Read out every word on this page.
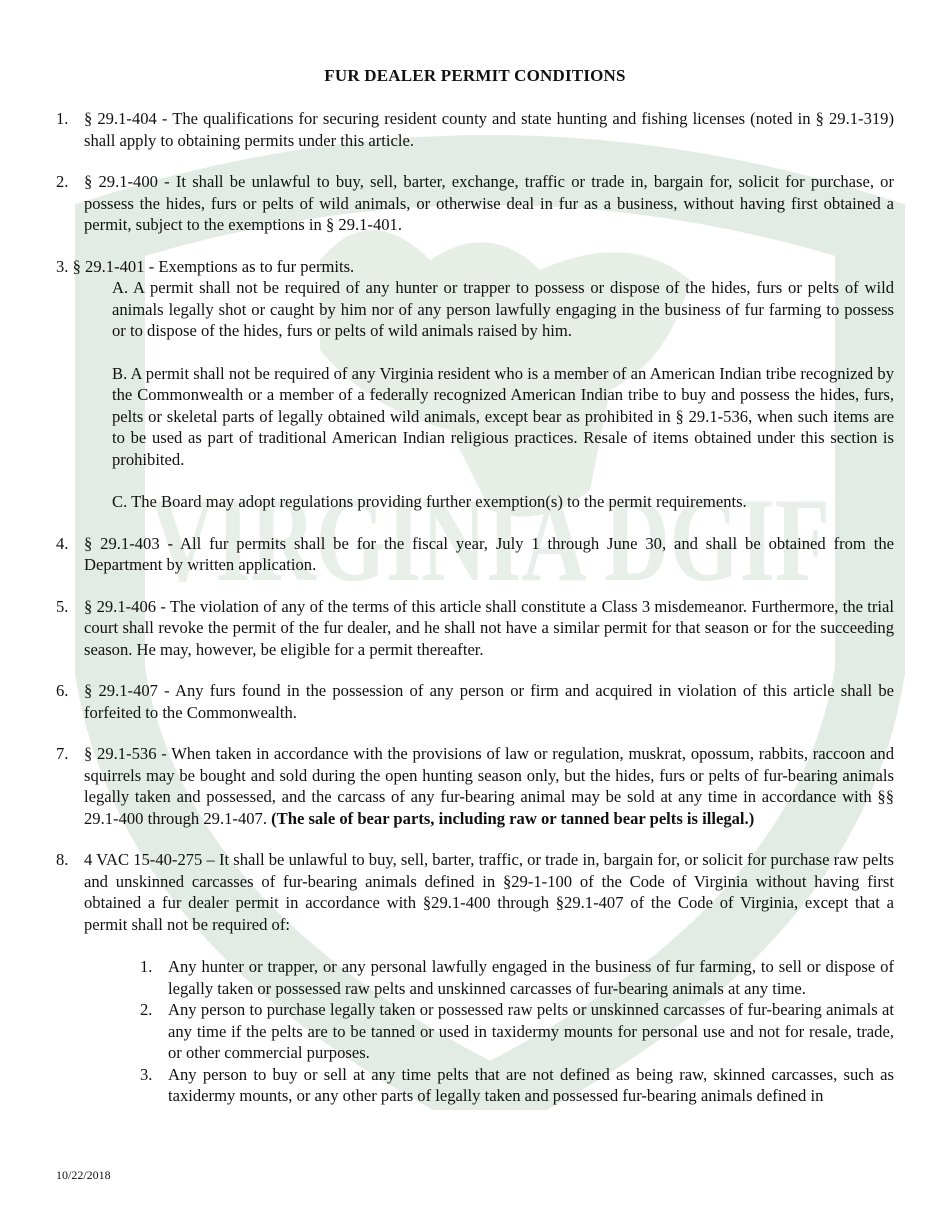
VIRGINIA DGIF
FUR DEALER PERMIT CONDITIONS
1. § 29.1-404 - The qualifications for securing resident county and state hunting and fishing licenses (noted in § 29.1-319) shall apply to obtaining permits under this article.
2. § 29.1-400 - It shall be unlawful to buy, sell, barter, exchange, traffic or trade in, bargain for, solicit for purchase, or possess the hides, furs or pelts of wild animals, or otherwise deal in fur as a business, without having first obtained a permit, subject to the exemptions in § 29.1-401.
3. § 29.1-401 - Exemptions as to fur permits.
A. A permit shall not be required of any hunter or trapper to possess or dispose of the hides, furs or pelts of wild animals legally shot or caught by him nor of any person lawfully engaging in the business of fur farming to possess or to dispose of the hides, furs or pelts of wild animals raised by him.
B. A permit shall not be required of any Virginia resident who is a member of an American Indian tribe recognized by the Commonwealth or a member of a federally recognized American Indian tribe to buy and possess the hides, furs, pelts or skeletal parts of legally obtained wild animals, except bear as prohibited in § 29.1-536, when such items are to be used as part of traditional American Indian religious practices. Resale of items obtained under this section is prohibited.
C. The Board may adopt regulations providing further exemption(s) to the permit requirements.
4. § 29.1-403 - All fur permits shall be for the fiscal year, July 1 through June 30, and shall be obtained from the Department by written application.
5. § 29.1-406 - The violation of any of the terms of this article shall constitute a Class 3 misdemeanor. Furthermore, the trial court shall revoke the permit of the fur dealer, and he shall not have a similar permit for that season or for the succeeding season. He may, however, be eligible for a permit thereafter.
6. § 29.1-407 - Any furs found in the possession of any person or firm and acquired in violation of this article shall be forfeited to the Commonwealth.
7. § 29.1-536 - When taken in accordance with the provisions of law or regulation, muskrat, opossum, rabbits, raccoon and squirrels may be bought and sold during the open hunting season only, but the hides, furs or pelts of fur-bearing animals legally taken and possessed, and the carcass of any fur-bearing animal may be sold at any time in accordance with §§ 29.1-400 through 29.1-407. (The sale of bear parts, including raw or tanned bear pelts is illegal.)
8. 4 VAC 15-40-275 – It shall be unlawful to buy, sell, barter, traffic, or trade in, bargain for, or solicit for purchase raw pelts and unskinned carcasses of fur-bearing animals defined in §29-1-100 of the Code of Virginia without having first obtained a fur dealer permit in accordance with §29.1-400 through §29.1-407 of the Code of Virginia, except that a permit shall not be required of:
1. Any hunter or trapper, or any personal lawfully engaged in the business of fur farming, to sell or dispose of legally taken or possessed raw pelts and unskinned carcasses of fur-bearing animals at any time.
2. Any person to purchase legally taken or possessed raw pelts or unskinned carcasses of fur-bearing animals at any time if the pelts are to be tanned or used in taxidermy mounts for personal use and not for resale, trade, or other commercial purposes.
3. Any person to buy or sell at any time pelts that are not defined as being raw, skinned carcasses, such as taxidermy mounts, or any other parts of legally taken and possessed fur-bearing animals defined in
10/22/2018
